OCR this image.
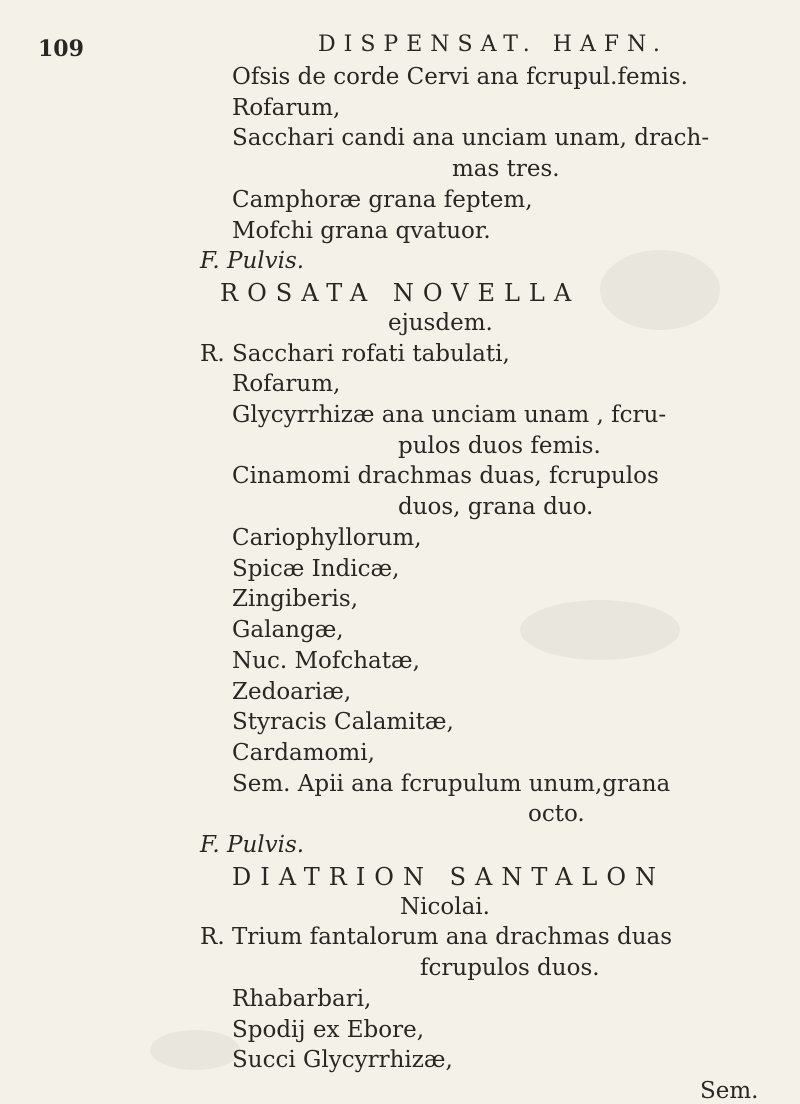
109	DISPENSAT. HAFN.
Ofsis de corde Cervi ana fcrupul.femis.
Rofarum,
Sacchari candi ana unciam unam, drach-
mas tres.
Camphoræ grana feptem,
Mofchi grana qvatuor.
F. Pulvis.
ROSATA NOVELLA
ejusdem.
R. Sacchari rofati tabulati,
Rofarum,
Glycyrrhizæ ana unciam unam , fcru-
pulos duos femis.
Cinamomi drachmas duas, fcrupulos
duos, grana duo.
Cariophyllorum,
Spicæ Indicæ,
Zingiberis,
Galangæ,
Nuc. Mofchatæ,
Zedoariæ,
Styracis Calamitæ,
Cardamomi,
Sem. Apii ana fcrupulum unum,grana
octo.
F. Pulvis.
DIATRION SANTALON
Nicolai.
R. Trium fantalorum ana drachmas duas
fcrupulos duos.
Rhabarbari,
Spodij ex Ebore,
Succi Glycyrrhizæ,
Sem.
